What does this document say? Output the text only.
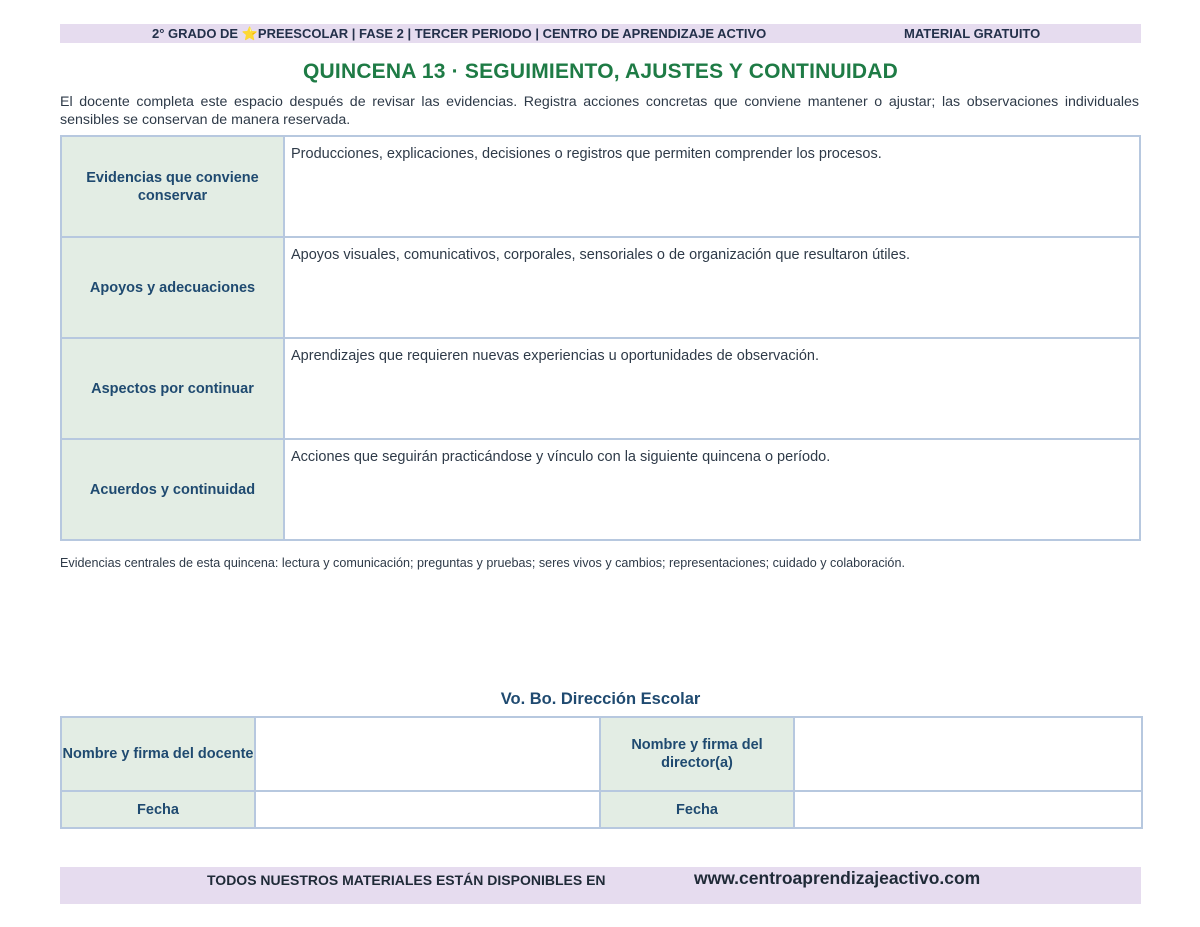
2° GRADO DE ⭐PREESCOLAR | FASE 2 | TERCER PERIODO | CENTRO DE APRENDIZAJE ACTIVO	MATERIAL GRATUITO
QUINCENA 13 · SEGUIMIENTO, AJUSTES Y CONTINUIDAD
El docente completa este espacio después de revisar las evidencias. Registra acciones concretas que conviene mantener o ajustar; las observaciones individuales sensibles se conservan de manera reservada.
Evidencias que conviene conservar	Producciones, explicaciones, decisiones o registros que permiten comprender los procesos.
Apoyos y adecuaciones	Apoyos visuales, comunicativos, corporales, sensoriales o de organización que resultaron útiles.
Aspectos por continuar	Aprendizajes que requieren nuevas experiencias u oportunidades de observación.
Acuerdos y continuidad	Acciones que seguirán practicándose y vínculo con la siguiente quincena o período.
Evidencias centrales de esta quincena: lectura y comunicación; preguntas y pruebas; seres vivos y cambios; representaciones; cuidado y colaboración.
Vo. Bo. Dirección Escolar
Nombre y firma del docente		Nombre y firma del director(a)	
Fecha		Fecha	
TODOS NUESTROS MATERIALES ESTÁN DISPONIBLES EN	www.centroaprendizajeactivo.com
